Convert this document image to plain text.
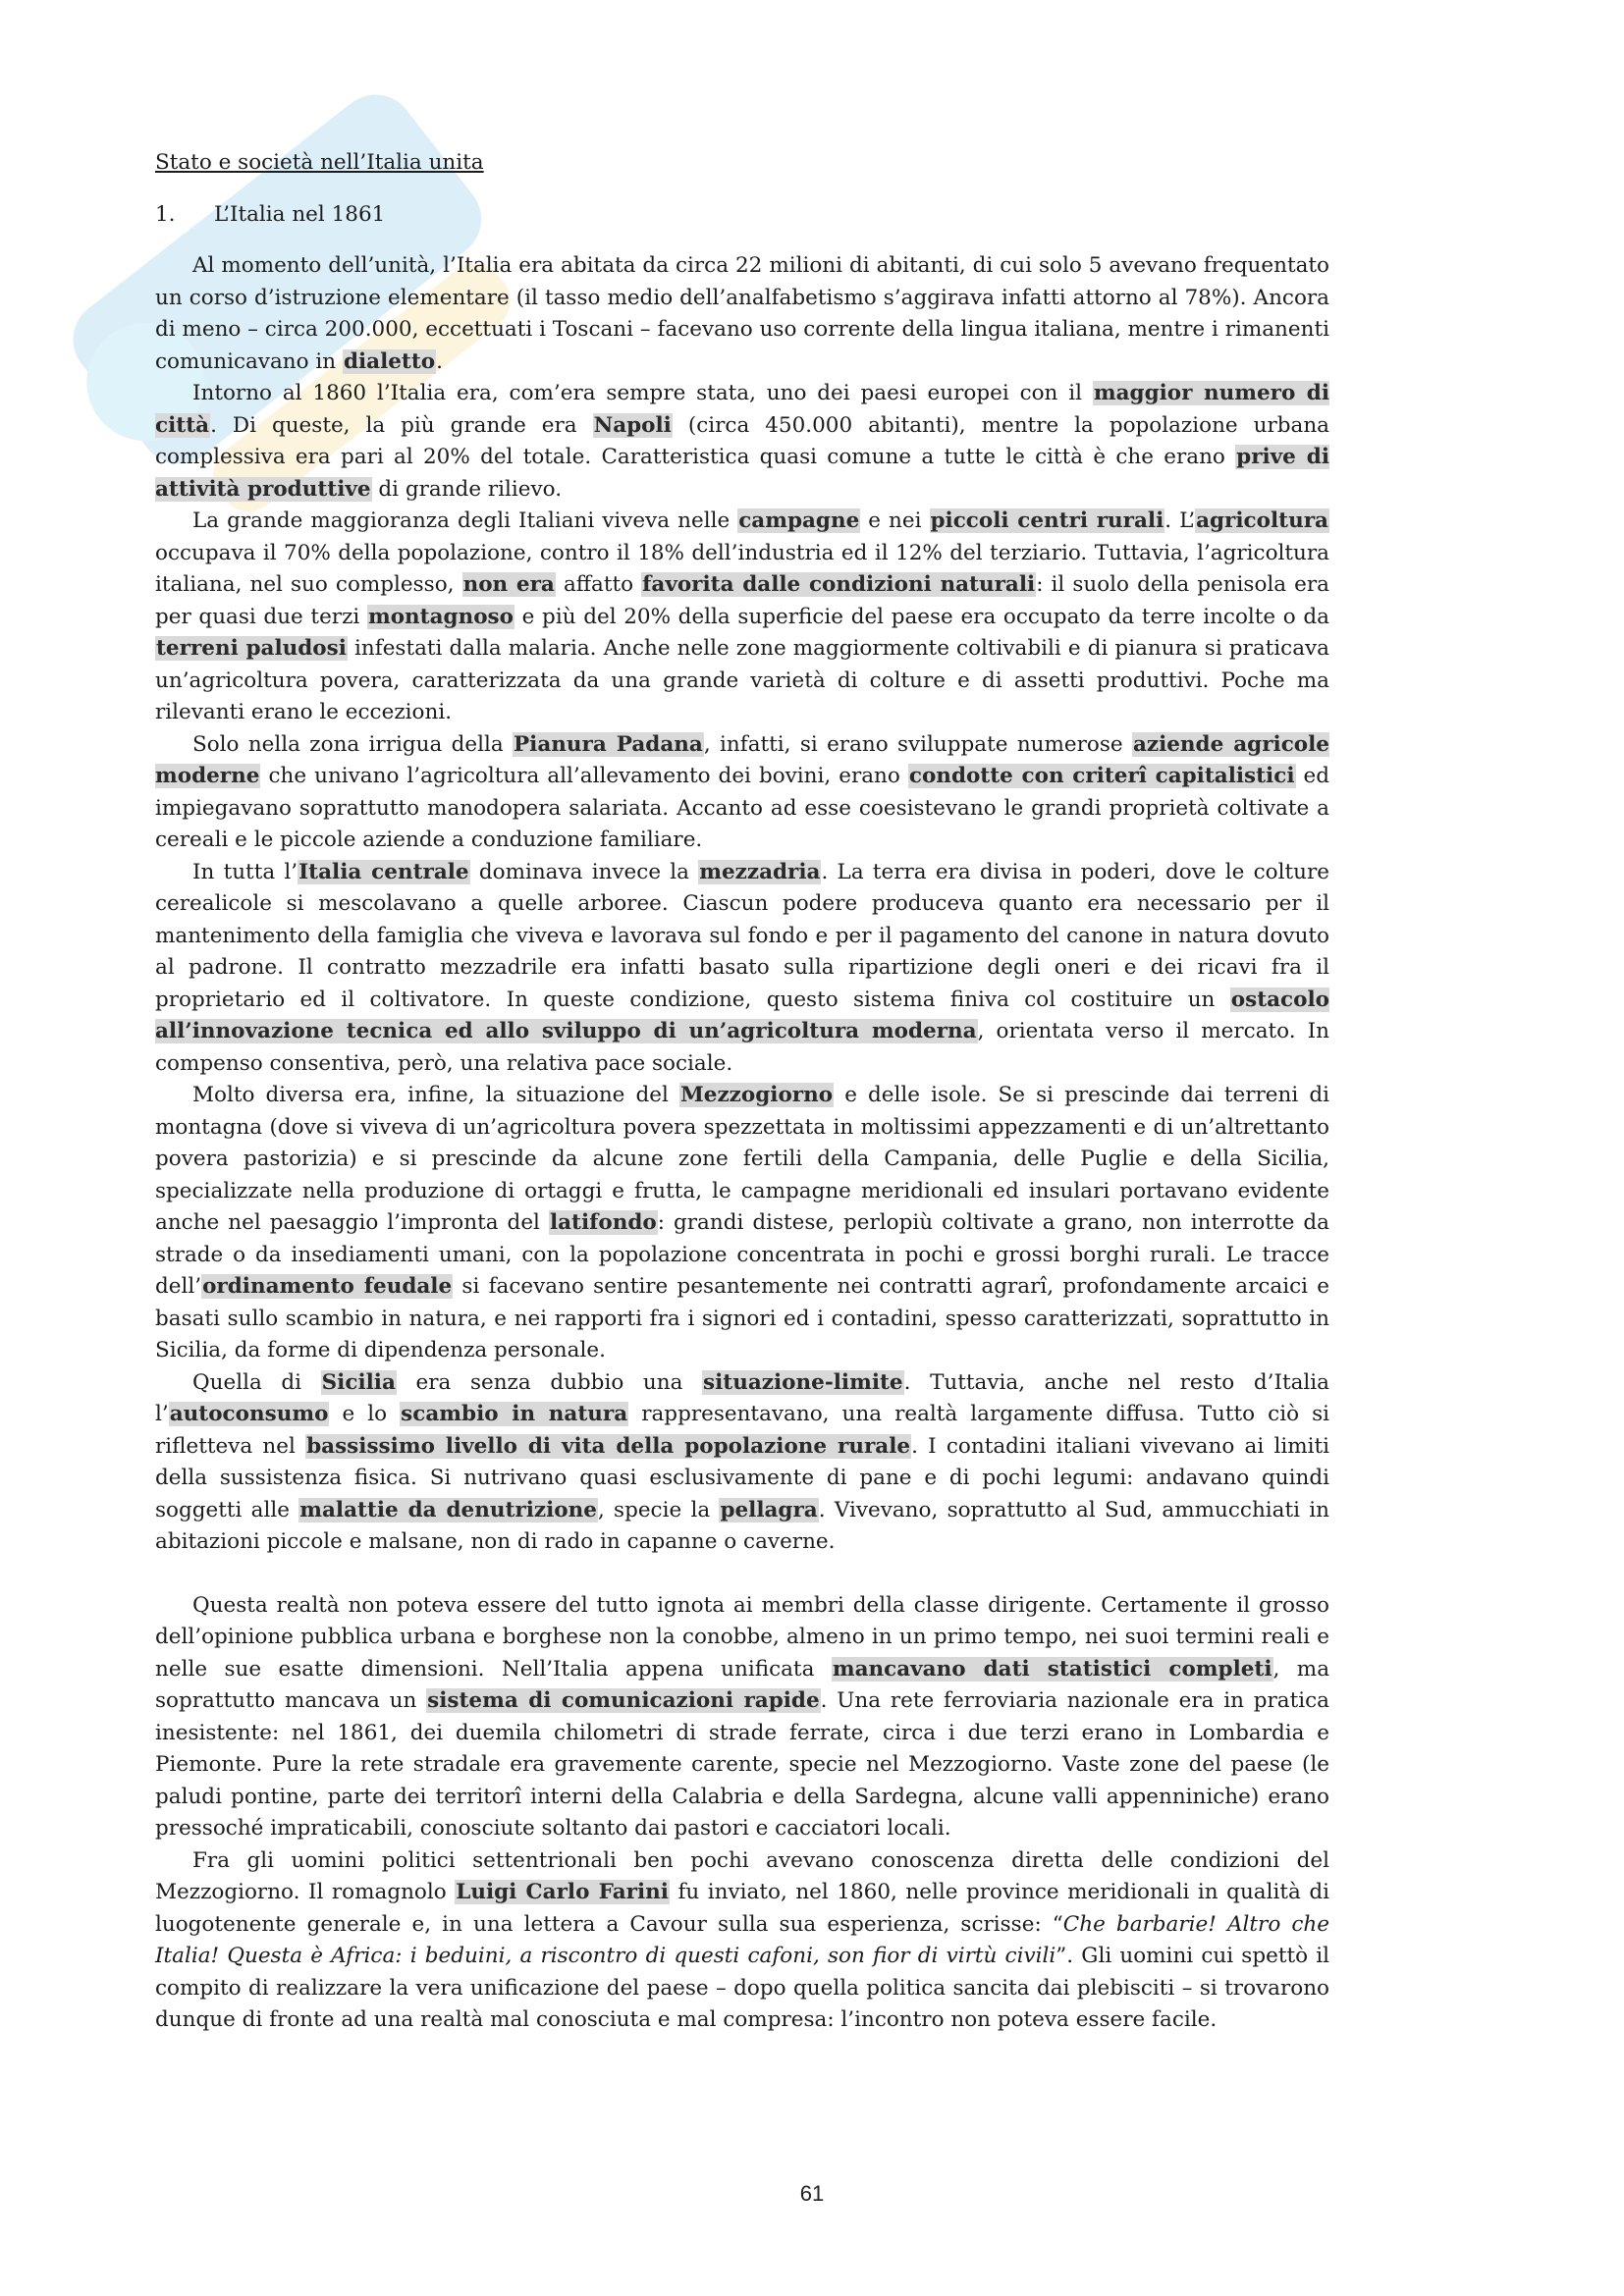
Stato e società nell’Italia unita
1.	L’Italia nel 1861

Al momento dell’unità, l’Italia era abitata da circa 22 milioni di abitanti, di cui solo 5 avevano frequentato un corso d’istruzione elementare (il tasso medio dell’analfabetismo s’aggirava infatti attorno al 78%). Ancora di meno – circa 200.000, eccettuati i Toscani – facevano uso corrente della lingua italiana, mentre i rimanenti comunicavano in dialetto.

Intorno al 1860 l’Italia era, com’era sempre stata, uno dei paesi europei con il maggior numero di città. Di queste, la più grande era Napoli (circa 450.000 abitanti), mentre la popolazione urbana complessiva era pari al 20% del totale. Caratteristica quasi comune a tutte le città è che erano prive di attività produttive di grande rilievo.

La grande maggioranza degli Italiani viveva nelle campagne e nei piccoli centri rurali. L’agricoltura occupava il 70% della popolazione, contro il 18% dell’industria ed il 12% del terziario. Tuttavia, l’agricoltura italiana, nel suo complesso, non era affatto favorita dalle condizioni naturali: il suolo della penisola era per quasi due terzi montagnoso e più del 20% della superficie del paese era occupato da terre incolte o da terreni paludosi infestati dalla malaria. Anche nelle zone maggiormente coltivabili e di pianura si praticava un’agricoltura povera, caratterizzata da una grande varietà di colture e di assetti produttivi. Poche ma rilevanti erano le eccezioni.

Solo nella zona irrigua della Pianura Padana, infatti, si erano sviluppate numerose aziende agricole moderne che univano l’agricoltura all’allevamento dei bovini, erano condotte con criterî capitalistici ed impiegavano soprattutto manodopera salariata. Accanto ad esse coesistevano le grandi proprietà coltivate a cereali e le piccole aziende a conduzione familiare.

In tutta l’Italia centrale dominava invece la mezzadria. La terra era divisa in poderi, dove le colture cerealicole si mescolavano a quelle arboree. Ciascun podere produceva quanto era necessario per il mantenimento della famiglia che viveva e lavorava sul fondo e per il pagamento del canone in natura dovuto al padrone. Il contratto mezzadrile era infatti basato sulla ripartizione degli oneri e dei ricavi fra il proprietario ed il coltivatore. In queste condizione, questo sistema finiva col costituire un ostacolo all’innovazione tecnica ed allo sviluppo di un’agricoltura moderna, orientata verso il mercato. In compenso consentiva, però, una relativa pace sociale.

Molto diversa era, infine, la situazione del Mezzogiorno e delle isole. Se si prescinde dai terreni di montagna (dove si viveva di un’agricoltura povera spezzettata in moltissimi appezzamenti e di un’altrettanto povera pastorizia) e si prescinde da alcune zone fertili della Campania, delle Puglie e della Sicilia, specializzate nella produzione di ortaggi e frutta, le campagne meridionali ed insulari portavano evidente anche nel paesaggio l’impronta del latifondo: grandi distese, perlopiù coltivate a grano, non interrotte da strade o da insediamenti umani, con la popolazione concentrata in pochi e grossi borghi rurali. Le tracce dell’ordinamento feudale si facevano sentire pesantemente nei contratti agrarî, profondamente arcaici e basati sullo scambio in natura, e nei rapporti fra i signori ed i contadini, spesso caratterizzati, soprattutto in Sicilia, da forme di dipendenza personale.

Quella di Sicilia era senza dubbio una situazione-limite. Tuttavia, anche nel resto d’Italia l’autoconsumo e lo scambio in natura rappresentavano, una realtà largamente diffusa. Tutto ciò si rifletteva nel bassissimo livello di vita della popolazione rurale. I contadini italiani vivevano ai limiti della sussistenza fisica. Si nutrivano quasi esclusivamente di pane e di pochi legumi: andavano quindi soggetti alle malattie da denutrizione, specie la pellagra. Vivevano, soprattutto al Sud, ammucchiati in abitazioni piccole e malsane, non di rado in capanne o caverne.

Questa realtà non poteva essere del tutto ignota ai membri della classe dirigente. Certamente il grosso dell’opinione pubblica urbana e borghese non la conobbe, almeno in un primo tempo, nei suoi termini reali e nelle sue esatte dimensioni. Nell’Italia appena unificata mancavano dati statistici completi, ma soprattutto mancava un sistema di comunicazioni rapide. Una rete ferroviaria nazionale era in pratica inesistente: nel 1861, dei duemila chilometri di strade ferrate, circa i due terzi erano in Lombardia e Piemonte. Pure la rete stradale era gravemente carente, specie nel Mezzogiorno. Vaste zone del paese (le paludi pontine, parte dei territorî interni della Calabria e della Sardegna, alcune valli appenniniche) erano pressoché impraticabili, conosciute soltanto dai pastori e cacciatori locali.

Fra gli uomini politici settentrionali ben pochi avevano conoscenza diretta delle condizioni del Mezzogiorno. Il romagnolo Luigi Carlo Farini fu inviato, nel 1860, nelle province meridionali in qualità di luogotenente generale e, in una lettera a Cavour sulla sua esperienza, scrisse: “Che barbarie! Altro che Italia! Questa è Africa: i beduini, a riscontro di questi cafoni, son fior di virtù civili”. Gli uomini cui spettò il compito di realizzare la vera unificazione del paese – dopo quella politica sancita dai plebisciti – si trovarono dunque di fronte ad una realtà mal conosciuta e mal compresa: l’incontro non poteva essere facile.

61
